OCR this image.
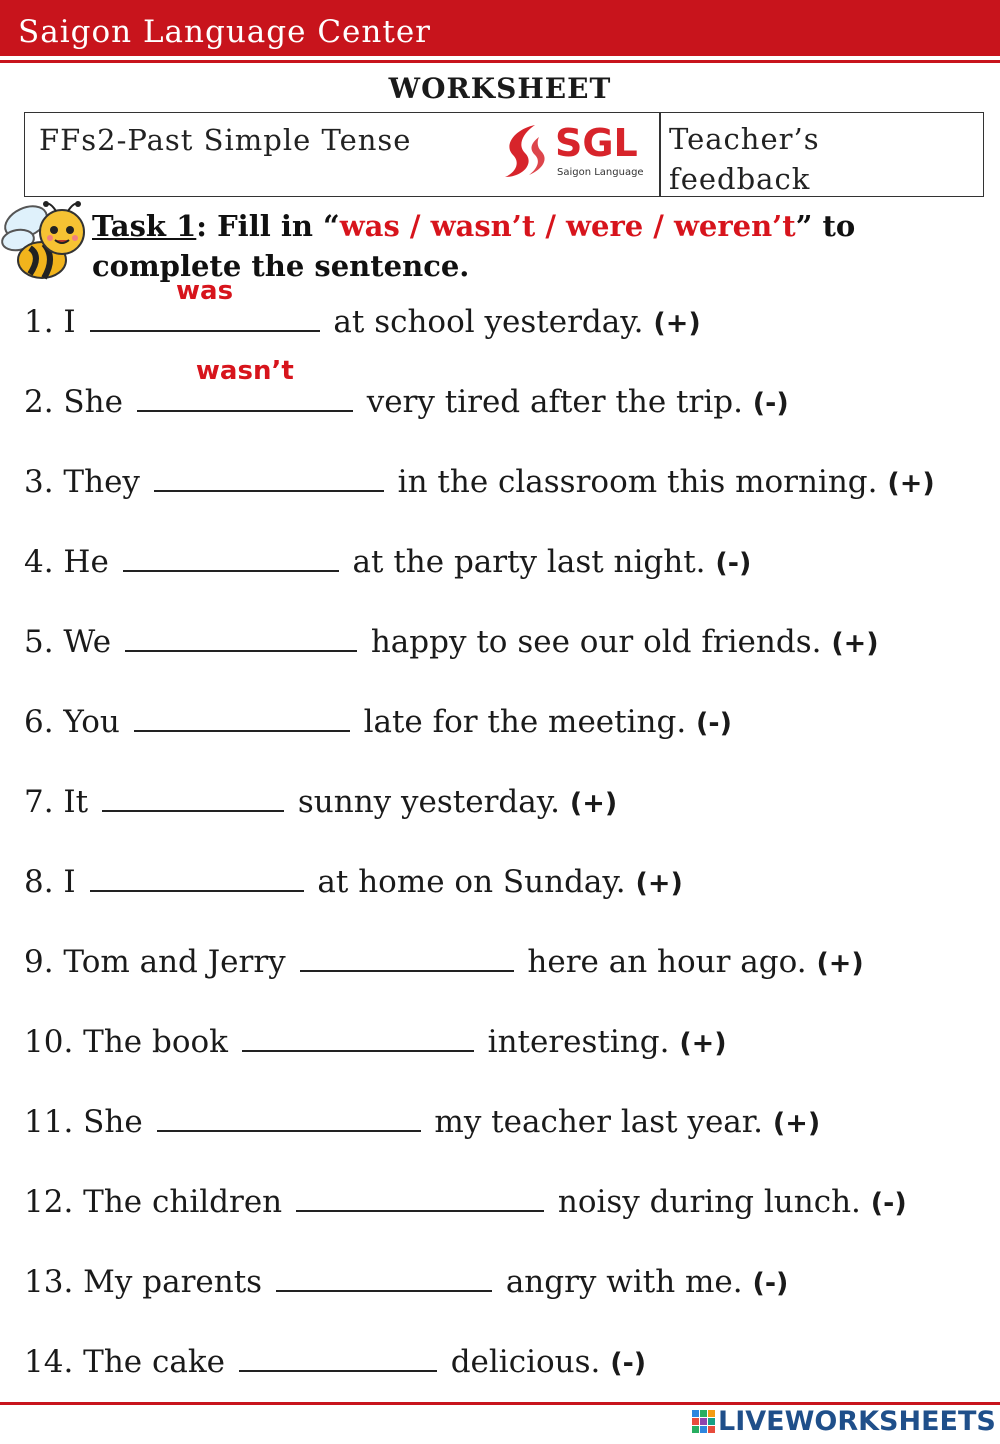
Saigon Language Center
WORKSHEET
FFs2-Past Simple Tense	SGL
Saigon Language
Teacher’s feedback
Task 1: Fill in “was / wasn’t / were / weren’t” to complete the sentence.
1. I
was
at school yesterday. (+)
2. She
wasn’t
very tired after the trip. (-)
3. They	in the classroom this morning. (+)
4. He	at the party last night. (-)
5. We	happy to see our old friends. (+)
6. You	late for the meeting. (-)
7. It	sunny yesterday. (+)
8. I	at home on Sunday. (+)
9. Tom and Jerry	here an hour ago. (+)
10. The book	interesting. (+)
11. She	my teacher last year. (+)
12. The children	noisy during lunch. (-)
13. My parents	angry with me. (-)
14. The cake	delicious. (-)
LIVEWORKSHEETS
